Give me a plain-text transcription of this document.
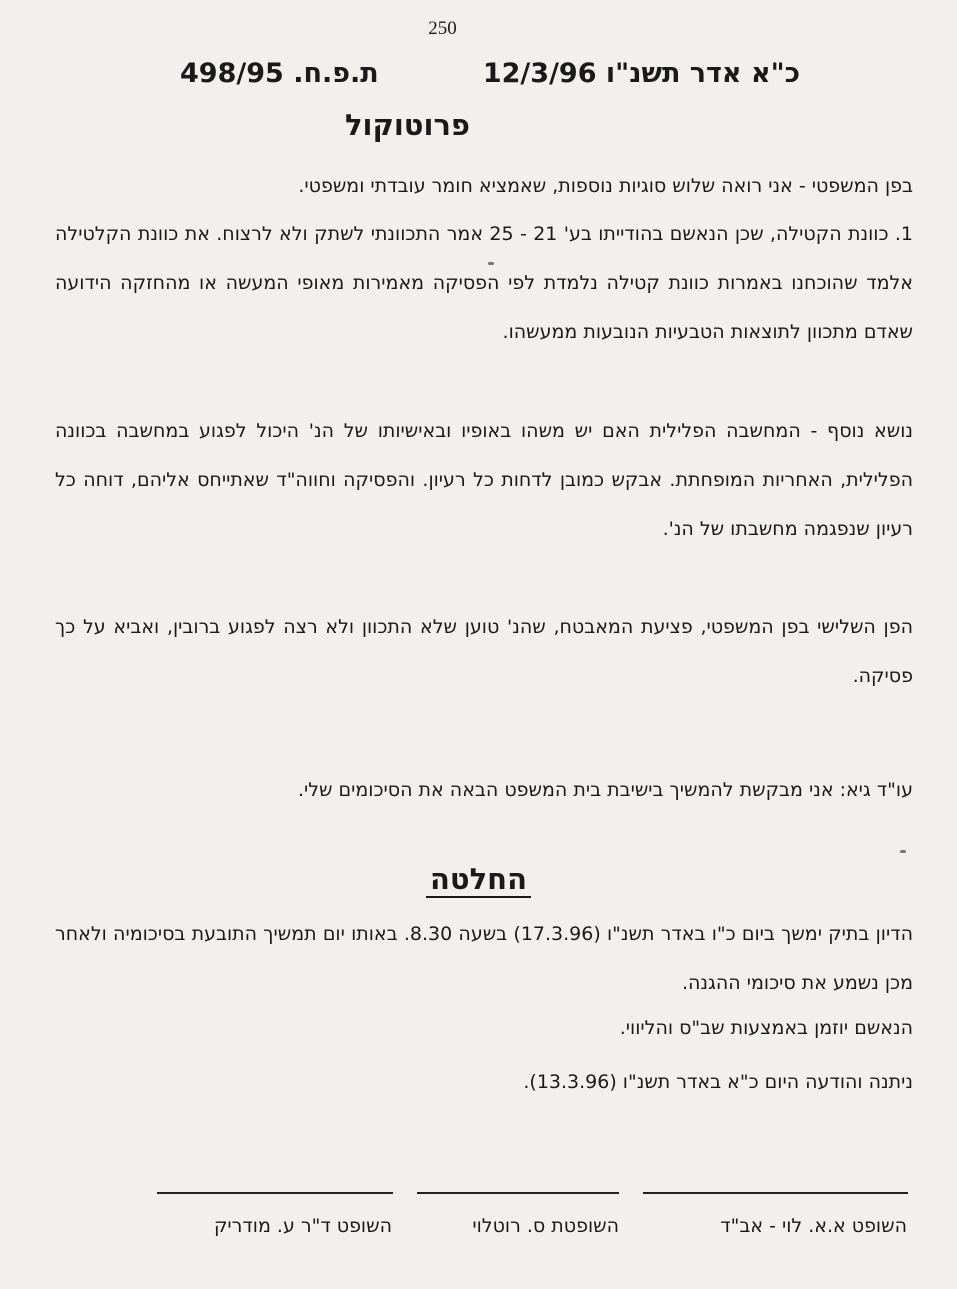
250
כ"א אדר תשנ"ו 12/3/96
ת.פ.ח. 498/95
פרוטוקול
בפן המשפטי - אני רואה שלוש סוגיות נוספות, שאמציא חומר עובדתי ומשפטי.
1. כוונת הקטילה, שכן הנאשם בהודייתו בע' 21 - 25 אמר התכוונתי לשתק ולא לרצוח. את כוונת הקלטילה אלמד שהוכחנו באמרות כוונת קטילה נלמדת לפי הפסיקה מאמירות מאופי המעשה או מהחזקה הידועה שאדם מתכוון לתוצאות הטבעיות הנובעות ממעשהו.
נושא נוסף - המחשבה הפלילית האם יש משהו באופיו ובאישיותו של הנ' היכול לפגוע במחשבה בכוונה הפלילית, האחריות המופחתת. אבקש כמובן לדחות כל רעיון. והפסיקה וחווה"ד שאתייחס אליהם, דוחה כל רעיון שנפגמה מחשבתו של הנ'.
הפן השלישי בפן המשפטי, פציעת המאבטח, שהנ' טוען שלא התכוון ולא רצה לפגוע ברובין, ואביא על כך פסיקה.
עו"ד גיא: אני מבקשת להמשיך בישיבת בית המשפט הבאה את הסיכומים שלי.
החלטה
הדיון בתיק ימשך ביום כ"ו באדר תשנ"ו (17.3.96) בשעה 8.30. באותו יום תמשיך התובעת בסיכומיה ולאחר מכן נשמע את סיכומי ההגנה.
הנאשם יוזמן באמצעות שב"ס והליווי.
ניתנה והודעה היום כ"א באדר תשנ"ו (13.3.96).
השופט א.א. לוי - אב"ד
השופטת ס. רוטלוי
השופט ד"ר ע. מודריק
